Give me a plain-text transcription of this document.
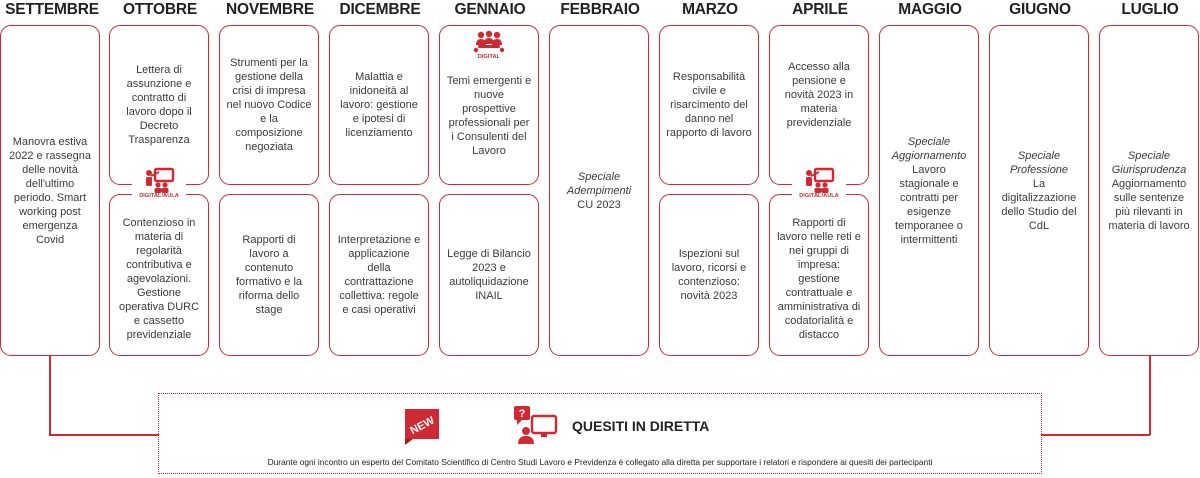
SETTEMBRE	OTTOBRE	NOVEMBRE	DICEMBRE	GENNAIO	FEBBRAIO	MARZO	APRILE	MAGGIO	GIUGNO	LUGLIO
Manovra estiva 2022 e rassegna delle novità dell'ultimo periodo. Smart working post emergenza Covid
Lettera di assunzione e contratto di lavoro dopo il Decreto Trasparenza
Contenzioso in materia di regolarità contributiva e agevolazioni. Gestione operativa DURC e cassetto previdenziale
DIGITAL/AULA
Strumenti per la gestione della crisi di impresa nel nuovo Codice e la composizione negoziata
Rapporti di lavoro a contenuto formativo e la riforma dello stage
Malattia e inidoneità al lavoro: gestione e ipotesi di licenziamento
Interpretazione e applicazione della contrattazione collettiva: regole e casi operativi
Temi emergenti e nuove prospettive professionali per i Consulenti del Lavoro
DIGITAL
Legge di Bilancio 2023 e autoliquidazione INAIL
Speciale Adempimenti

CU 2023
Responsabilità civile e risarcimento del danno nel rapporto di lavoro
Ispezioni sul lavoro, ricorsi e contenzioso: novità 2023
Accesso alla pensione e novità 2023 in materia previdenziale
Rapporti di lavoro nelle reti e nei gruppi di impresa: gestione contrattuale e amministrativa di codatorialità e distacco
DIGITAL/AULA
Speciale Aggiornamento

Lavoro stagionale e contratti per esigenze temporanee o intermittenti
Speciale Professione

La digitalizzazione dello Studio del CdL
Speciale Giurisprudenza

Aggiornamento sulle sentenze più rilevanti in materia di lavoro
NEW
?
QUESITI IN DIRETTA
Durante ogni incontro un esperto del Comitato Scientifico di Centro Studi Lavoro e Previdenza è collegato alla diretta per supportare i relatori e rispondere ai quesiti dei partecipanti
